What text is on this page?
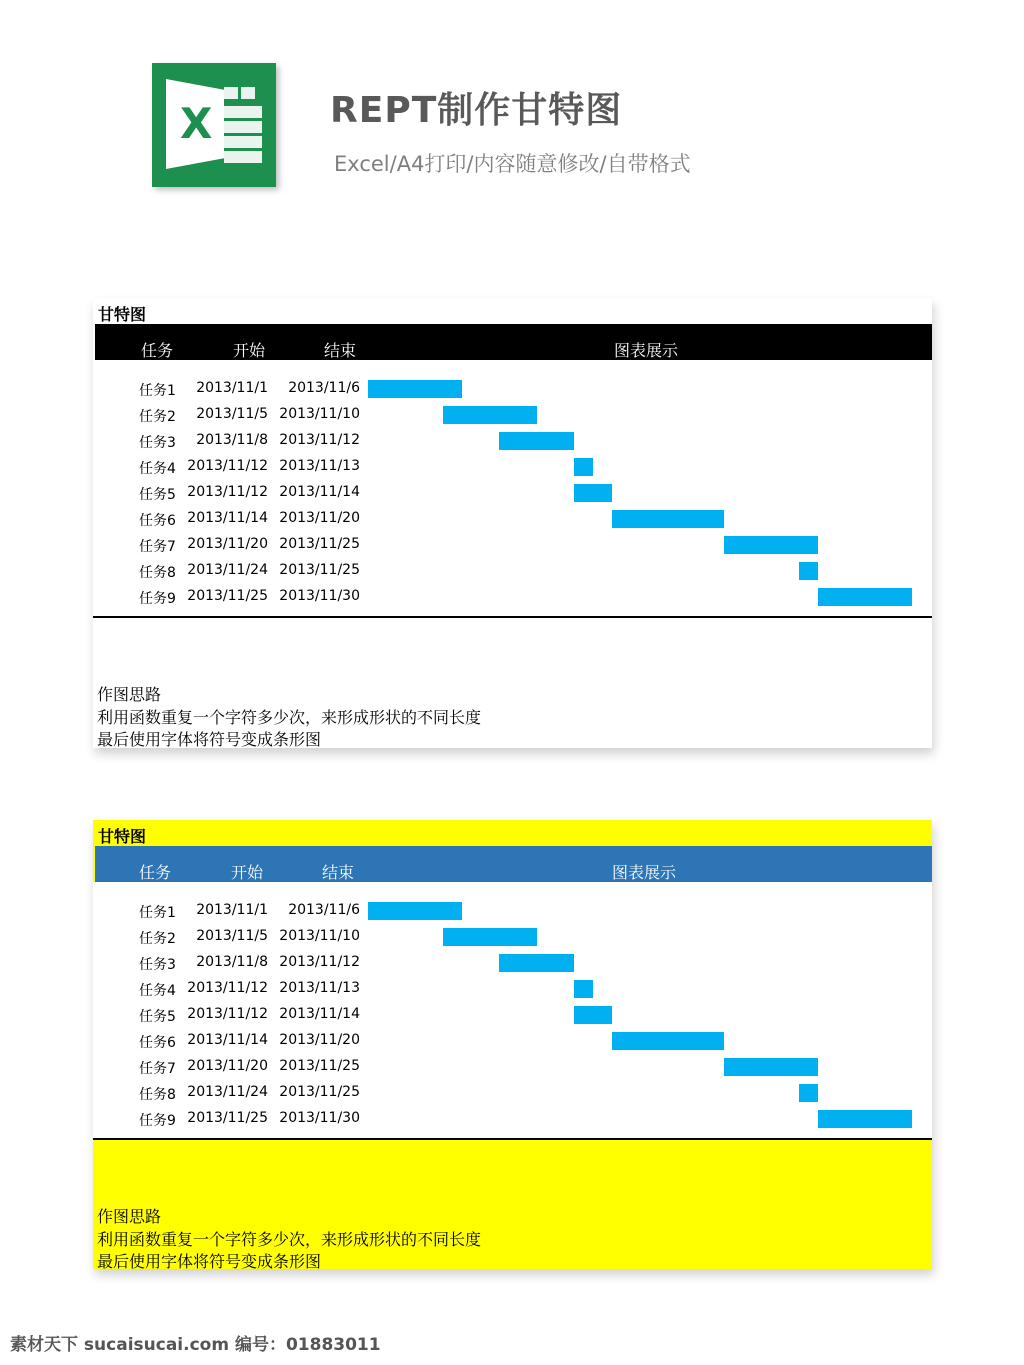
X	REPT制作甘特图
Excel/A4打印/内容随意修改/自带格式
甘特图
任务	开始	结束	图表展示
任务1 2013/11/1 2013/11/6
任务2 2013/11/5 2013/11/10
任务3 2013/11/8 2013/11/12
任务4 2013/11/12 2013/11/13
任务5 2013/11/12 2013/11/14
任务6 2013/11/14 2013/11/20
任务7 2013/11/20 2013/11/25
任务8 2013/11/24 2013/11/25
任务9 2013/11/25 2013/11/30
作图思路
利用函数重复一个字符多少次，来形成形状的不同长度
最后使用字体将符号变成条形图
甘特图
任务	开始	结束	图表展示
任务1 2013/11/1 2013/11/6
任务2 2013/11/5 2013/11/10
任务3 2013/11/8 2013/11/12
任务4 2013/11/12 2013/11/13
任务5 2013/11/12 2013/11/14
任务6 2013/11/14 2013/11/20
任务7 2013/11/20 2013/11/25
任务8 2013/11/24 2013/11/25
任务9 2013/11/25 2013/11/30
作图思路
利用函数重复一个字符多少次，来形成形状的不同长度
最后使用字体将符号变成条形图
素材天下 sucaisucai.com 编号：01883011
